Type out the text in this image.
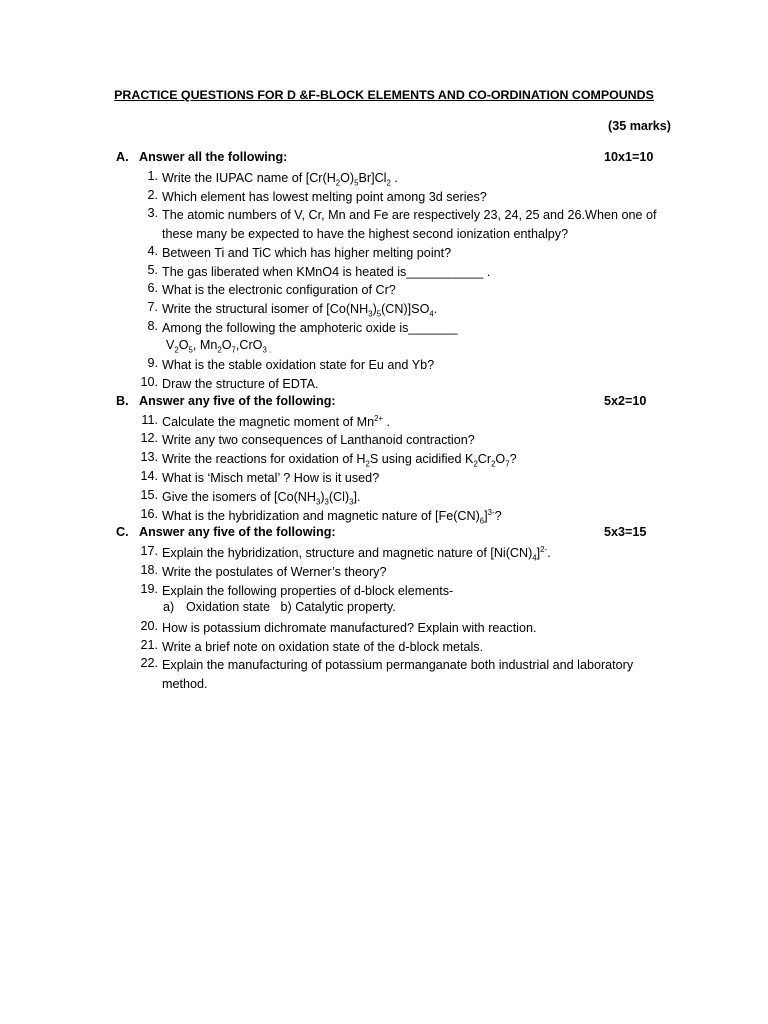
PRACTICE QUESTIONS FOR D &F-BLOCK ELEMENTS AND CO-ORDINATION COMPOUNDS
(35 marks)
A. Answer all the following:	10x1=10
1. Write the IUPAC name of $[Cr(H_2O)_5Br]Cl_2$ .
2. Which element has lowest melting point among 3d series?
3. The atomic numbers of V, Cr, Mn and Fe are respectively 23, 24, 25 and 26.When one of
these many be expected to have the highest second ionization enthalpy?
4. Between Ti and TiC which has higher melting point?
5. The gas liberated when KMnO4 is heated is___________ .
6. What is the electronic configuration of Cr?
7. Write the structural isomer of $[Co(NH_3)_5(CN)]SO_4$.
8. Among the following the amphoteric oxide is_______
$V_2O_5$, $Mn_2O_7,CrO_{3 .}$
9. What is the stable oxidation state for Eu and Yb?
10. Draw the structure of EDTA.
B. Answer any five of the following:	5x2=10
11. Calculate the magnetic moment of $Mn^{2+}$ .
12. Write any two consequences of Lanthanoid contraction?
13. Write the reactions for oxidation of $H_2S$ using acidified $K_2Cr_2O_7$?
14. What is ‘Misch metal’ ? How is it used?
15. Give the isomers of $[Co(NH_3)_3(Cl)_3]$.
16. What is the hybridization and magnetic nature of $[Fe(CN)_6]^{3-}$?
C. Answer any five of the following:	5x3=15
17. Explain the hybridization, structure and magnetic nature of $[Ni(CN)_4]^{2-}$.
18. Write the postulates of Werner’s theory?
19. Explain the following properties of d-block elements-
a) Oxidation state b) Catalytic property.
20. How is potassium dichromate manufactured? Explain with reaction.
21. Write a brief note on oxidation state of the d-block metals.
22. Explain the manufacturing of potassium permanganate both industrial and laboratory
method.
